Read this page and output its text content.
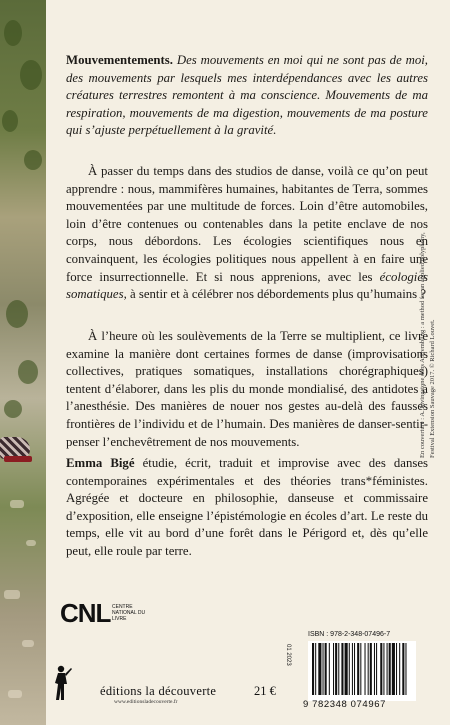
Mouvementements. Des mouvements en moi qui ne sont pas de moi, des mouvements par lesquels mes interdépendances avec les autres créatures terrestres remontent à ma conscience. Mouvements de ma respiration, mouvements de ma digestion, mouvements de ma posture qui s’ajuste perpétuellement à la gravité.
À passer du temps dans des studios de danse, voilà ce qu’on peut apprendre : nous, mammifères humaines, habitantes de Terra, sommes mouvementées par une multitude de forces. Loin d’être automobiles, loin d’être contenues ou contenables dans la petite enclave de nos corps, nous débordons. Les écologies scientifiques nous en convainquent, les écologies politiques nous appellent à en faire une force insurrectionnelle. Et si nous apprenions, avec les écologies somatiques, à sentir et à célébrer nos débordements plus qu’humains ?
À l’heure où les soulèvements de la Terre se multiplient, ce livre examine la manière dont certaines formes de danse (improvisations collectives, pratiques somatiques, installations chorégraphiques) tentent d’élaborer, dans les plis du monde mondialisé, des antidotes à l’anesthésie. Des manières de nouer nos gestes au-delà des fausses frontières de l’individu et de l’humain. Des manières de danser-sentir-penser l’enchevêtrement de nos mouvements.
Emma Bigé étudie, écrit, traduit et improvise avec des danses contemporaines expérimentales et des théories trans*féministes. Agrégée et docteure en philosophie, danseuse et commissaire d’exposition, elle enseigne l’épistémologie en écoles d’art. Le reste du temps, elle vit au bord d’une forêt dans le Périgord et, dès qu’elle peut, elle roule par terre.
CNL CENTRE NATIONAL DU LIVRE
éditions la découverte
www.editionsladecouverte.fr
21 €
01 2023
ISBN : 978-2-348-07496-7
9 782348 074967
En couverture : A. Livingstone dans A Trembling : a method for an applied polyphony, Festival Extension Sauvage 2017. © Richard Louvet.
